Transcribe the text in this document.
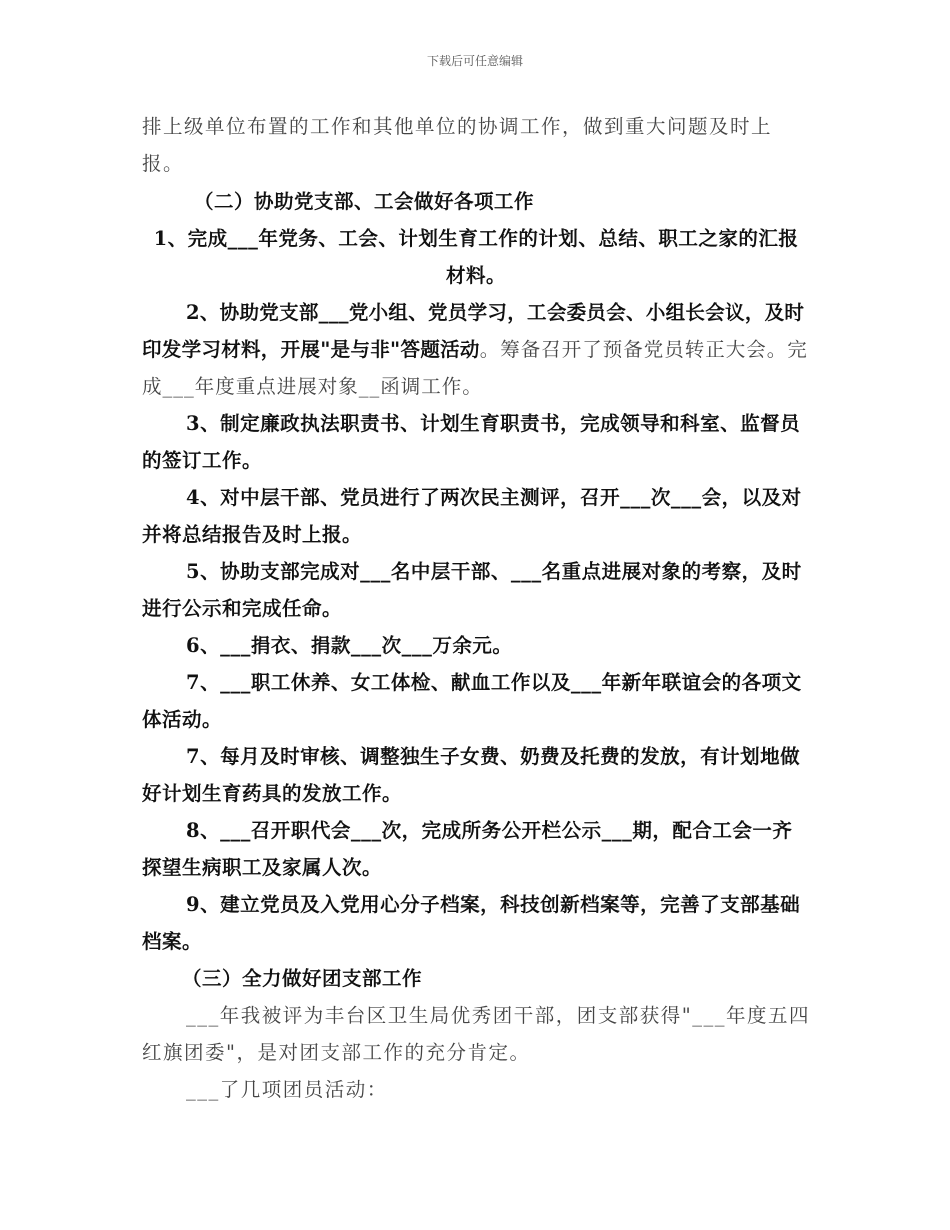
下载后可任意编辑

排上级单位布置的工作和其他单位的协调工作，做到重大问题及时上报。

（二）协助党支部、工会做好各项工作

1、完成___年党务、工会、计划生育工作的计划、总结、职工之家的汇报材料。

2、协助党支部___党小组、党员学习，工会委员会、小组长会议，及时印发学习材料，开展"是与非"答题活动。筹备召开了预备党员转正大会。完成___年度重点进展对象__函调工作。

3、制定廉政执法职责书、计划生育职责书，完成领导和科室、监督员的签订工作。

4、对中层干部、党员进行了两次民主测评，召开___次___会，以及对并将总结报告及时上报。

5、协助支部完成对___名中层干部、___名重点进展对象的考察，及时进行公示和完成任命。

6、___捐衣、捐款___次___万余元。

7、___职工休养、女工体检、献血工作以及___年新年联谊会的各项文体活动。

7、每月及时审核、调整独生子女费、奶费及托费的发放，有计划地做好计划生育药具的发放工作。

8、___召开职代会___次，完成所务公开栏公示___期，配合工会一齐探望生病职工及家属人次。

9、建立党员及入党用心分子档案，科技创新档案等，完善了支部基础档案。

（三）全力做好团支部工作

___年我被评为丰台区卫生局优秀团干部，团支部获得"___年度五四红旗团委"，是对团支部工作的充分肯定。

___了几项团员活动：
